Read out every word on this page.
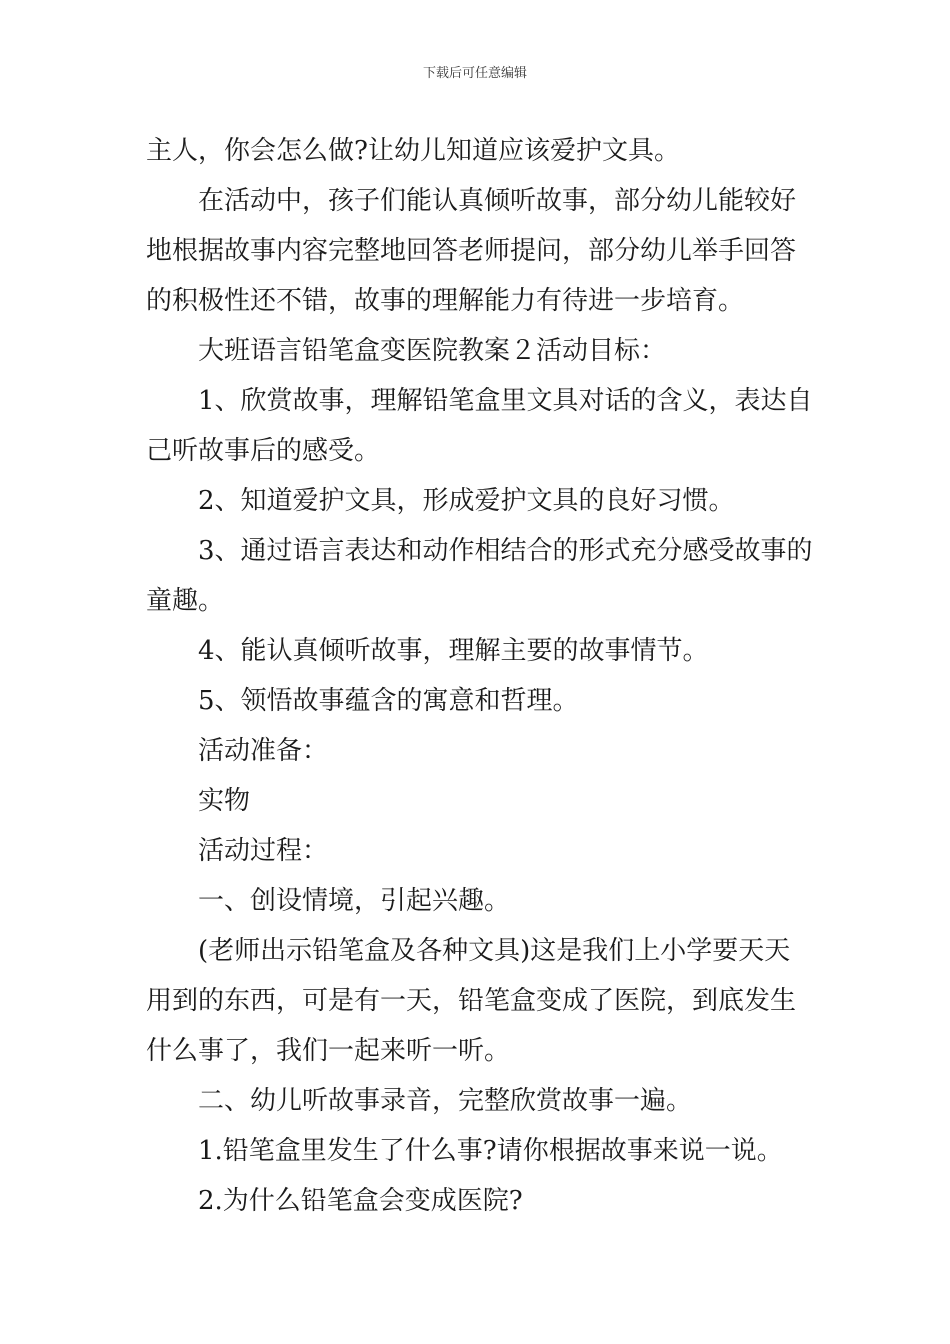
下载后可任意编辑

主人，你会怎么做?让幼儿知道应该爱护文具。

在活动中，孩子们能认真倾听故事，部分幼儿能较好

地根据故事内容完整地回答老师提问，部分幼儿举手回答

的积极性还不错，故事的理解能力有待进一步培育。

大班语言铅笔盒变医院教案２活动目标：

1、欣赏故事，理解铅笔盒里文具对话的含义，表达自

己听故事后的感受。

2、知道爱护文具，形成爱护文具的良好习惯。

3、通过语言表达和动作相结合的形式充分感受故事的

童趣。

4、能认真倾听故事，理解主要的故事情节。

5、领悟故事蕴含的寓意和哲理。

活动准备：

实物

活动过程：

一、创设情境，引起兴趣。

(老师出示铅笔盒及各种文具)这是我们上小学要天天

用到的东西，可是有一天，铅笔盒变成了医院，到底发生

什么事了，我们一起来听一听。

二、幼儿听故事录音，完整欣赏故事一遍。

1.铅笔盒里发生了什么事?请你根据故事来说一说。

2.为什么铅笔盒会变成医院?
